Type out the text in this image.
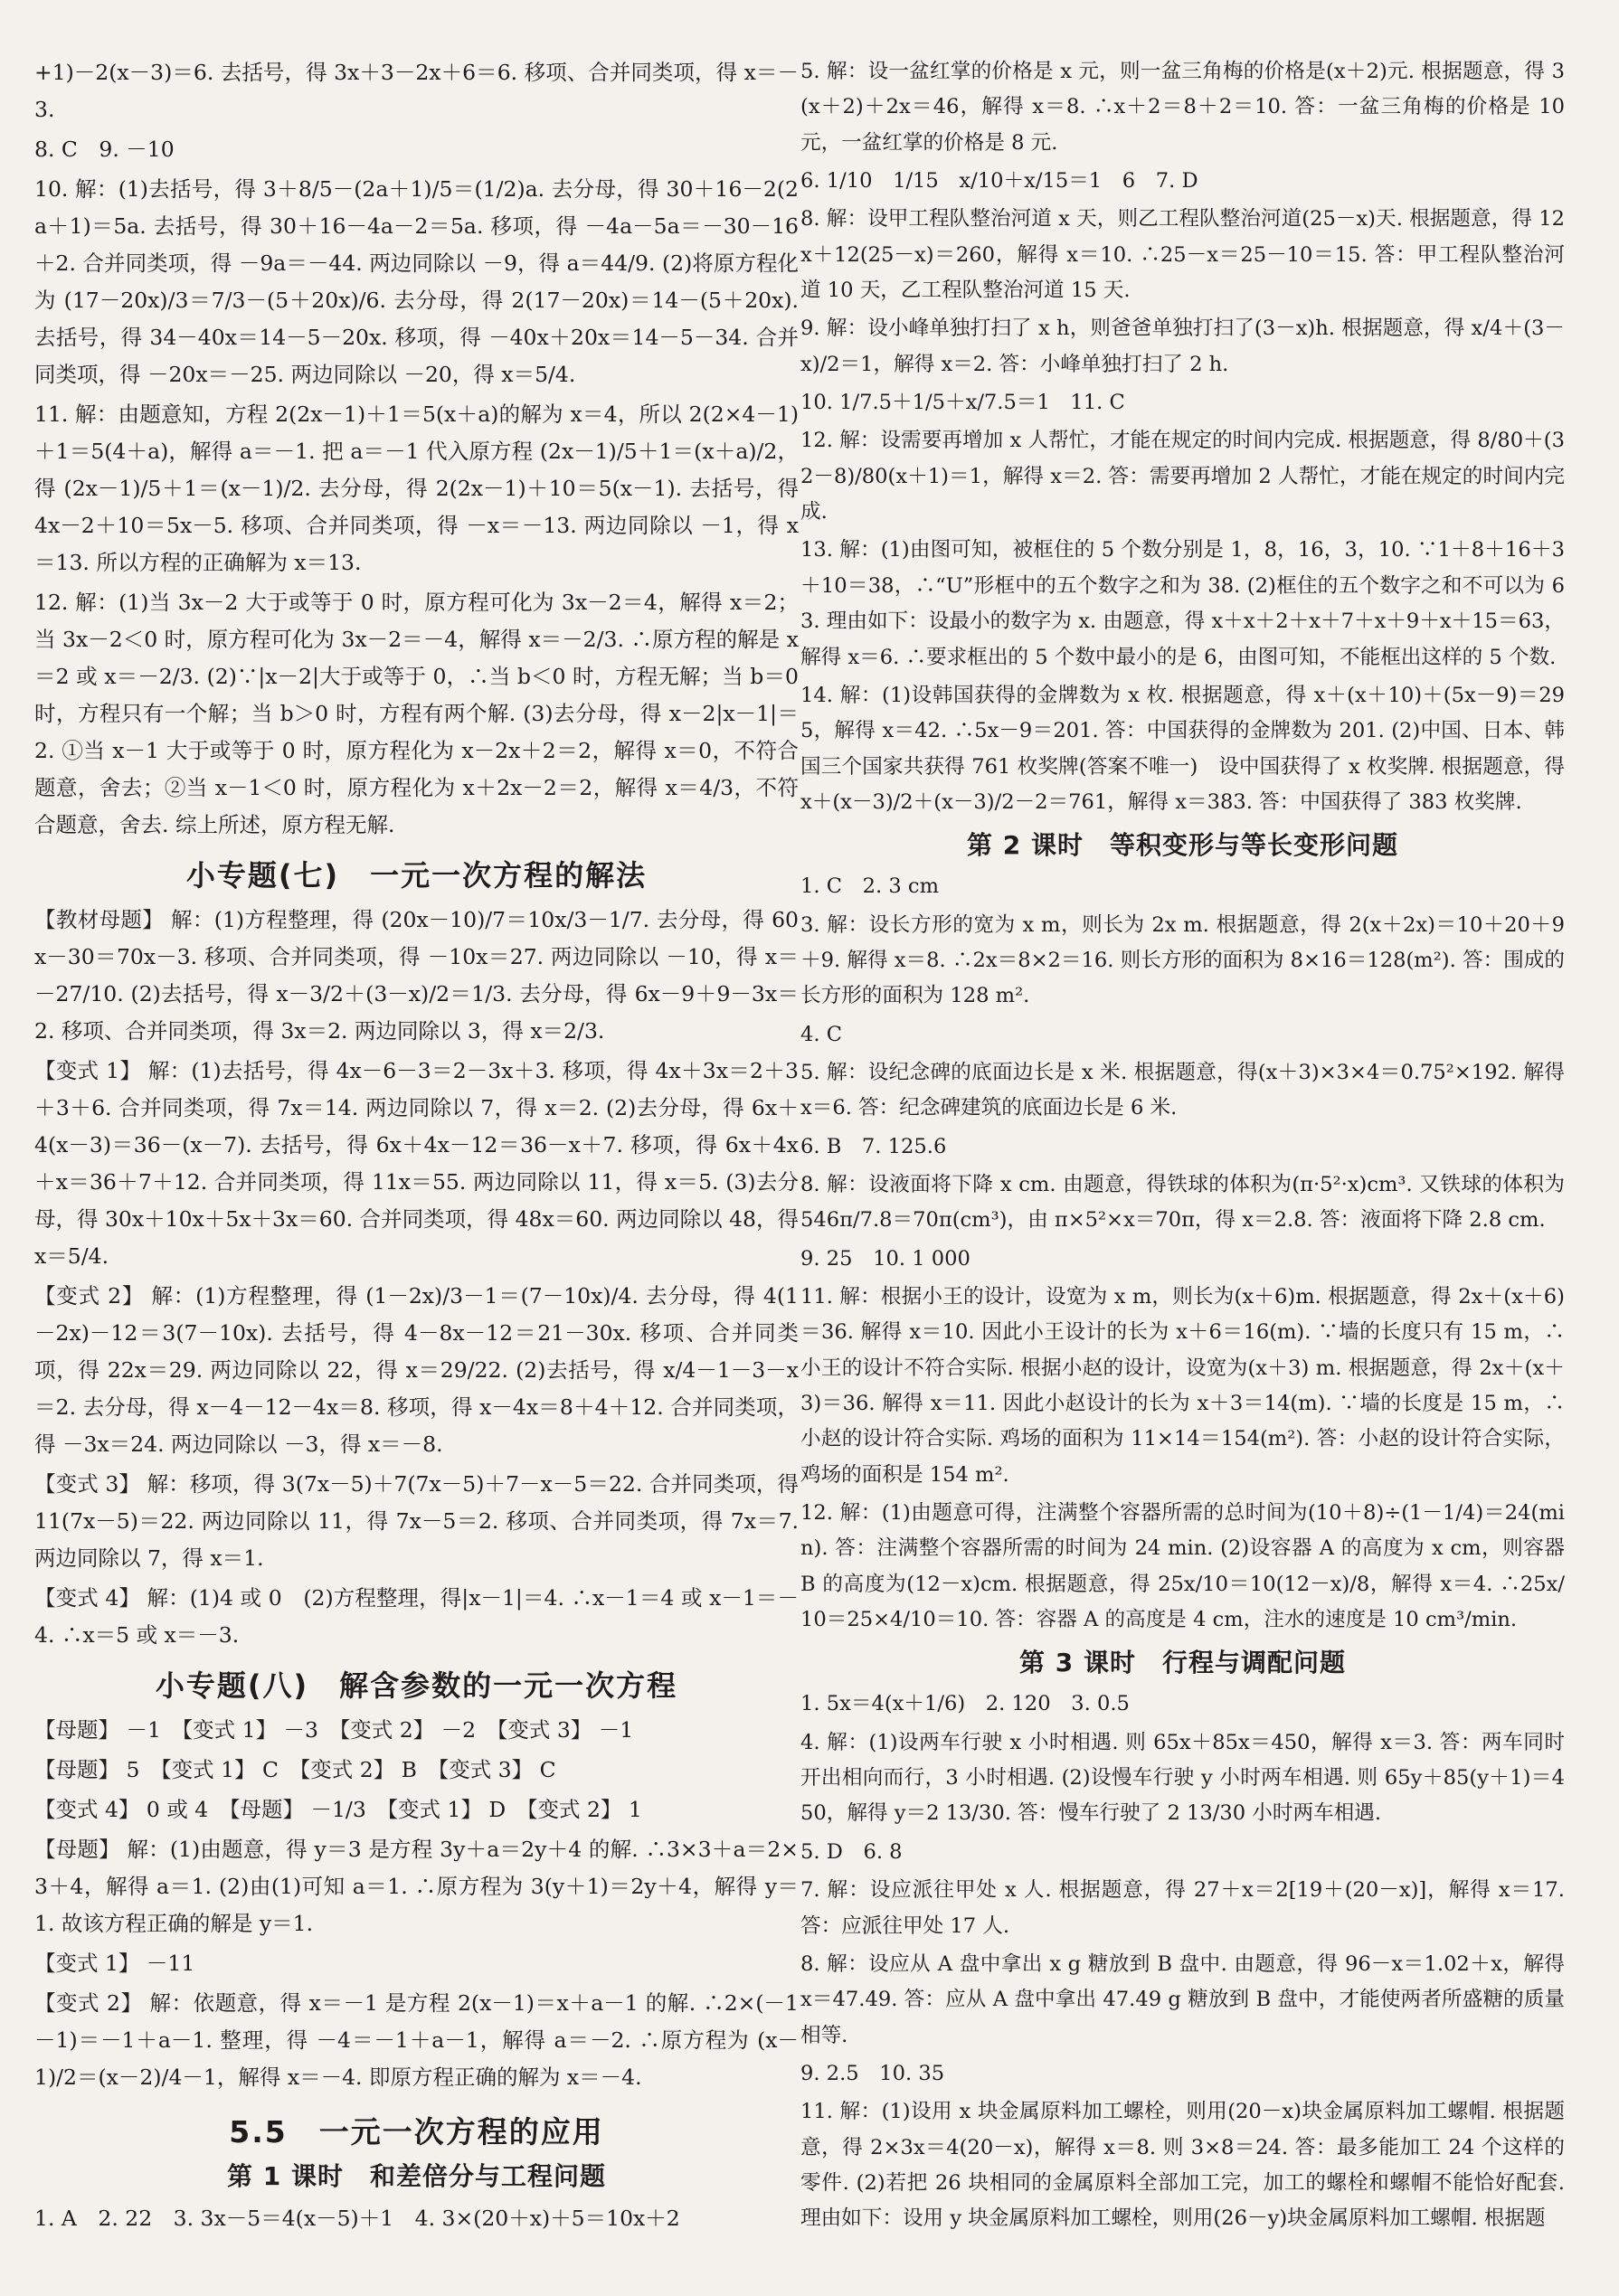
+1)－2(x－3)＝6. 去括号，得 3x＋3－2x＋6＝6. 移项、合并同类项，得 x＝－3.
8. C　9. －10
10. 解：(1)去括号，得 3＋8/5－(2a＋1)/5＝(1/2)a. 去分母，得 30＋16－2(2a＋1)＝5a. 去括号，得 30＋16－4a－2＝5a. 移项，得 －4a－5a＝－30－16＋2. 合并同类项，得 －9a＝－44. 两边同除以 －9，得 a＝44/9. (2)将原方程化为 (17－20x)/3＝7/3－(5＋20x)/6. 去分母，得 2(17－20x)＝14－(5＋20x). 去括号，得 34－40x＝14－5－20x. 移项，得 －40x＋20x＝14－5－34. 合并同类项，得 －20x＝－25. 两边同除以 －20，得 x＝5/4.
11. 解：由题意知，方程 2(2x－1)＋1＝5(x＋a)的解为 x＝4，所以 2(2×4－1)＋1＝5(4＋a)，解得 a＝－1. 把 a＝－1 代入原方程 (2x－1)/5＋1＝(x＋a)/2，得 (2x－1)/5＋1＝(x－1)/2. 去分母，得 2(2x－1)＋10＝5(x－1). 去括号，得 4x－2＋10＝5x－5. 移项、合并同类项，得 －x＝－13. 两边同除以 －1，得 x＝13. 所以方程的正确解为 x＝13.
12. 解：(1)当 3x－2 大于或等于 0 时，原方程可化为 3x－2＝4，解得 x＝2；当 3x－2＜0 时，原方程可化为 3x－2＝－4，解得 x＝－2/3. ∴原方程的解是 x＝2 或 x＝－2/3. (2)∵|x－2|大于或等于 0，∴当 b＜0 时，方程无解；当 b＝0 时，方程只有一个解；当 b＞0 时，方程有两个解. (3)去分母，得 x－2|x－1|＝2. ①当 x－1 大于或等于 0 时，原方程化为 x－2x＋2＝2，解得 x＝0，不符合题意，舍去；②当 x－1＜0 时，原方程化为 x＋2x－2＝2，解得 x＝4/3，不符合题意，舍去. 综上所述，原方程无解.
小专题(七)　一元一次方程的解法
【教材母题】 解：(1)方程整理，得 (20x－10)/7＝10x/3－1/7. 去分母，得 60x－30＝70x－3. 移项、合并同类项，得 －10x＝27. 两边同除以 －10，得 x＝－27/10. (2)去括号，得 x－3/2＋(3－x)/2＝1/3. 去分母，得 6x－9＋9－3x＝2. 移项、合并同类项，得 3x＝2. 两边同除以 3，得 x＝2/3.
【变式 1】 解：(1)去括号，得 4x－6－3＝2－3x＋3. 移项，得 4x＋3x＝2＋3＋3＋6. 合并同类项，得 7x＝14. 两边同除以 7，得 x＝2. (2)去分母，得 6x＋4(x－3)＝36－(x－7). 去括号，得 6x＋4x－12＝36－x＋7. 移项，得 6x＋4x＋x＝36＋7＋12. 合并同类项，得 11x＝55. 两边同除以 11，得 x＝5. (3)去分母，得 30x＋10x＋5x＋3x＝60. 合并同类项，得 48x＝60. 两边同除以 48，得 x＝5/4.
【变式 2】 解：(1)方程整理，得 (1－2x)/3－1＝(7－10x)/4. 去分母，得 4(1－2x)－12＝3(7－10x). 去括号，得 4－8x－12＝21－30x. 移项、合并同类项，得 22x＝29. 两边同除以 22，得 x＝29/22. (2)去括号，得 x/4－1－3－x＝2. 去分母，得 x－4－12－4x＝8. 移项，得 x－4x＝8＋4＋12. 合并同类项，得 －3x＝24. 两边同除以 －3，得 x＝－8.
【变式 3】 解：移项，得 3(7x－5)＋7(7x－5)＋7－x－5＝22. 合并同类项，得 11(7x－5)＝22. 两边同除以 11，得 7x－5＝2. 移项、合并同类项，得 7x＝7. 两边同除以 7，得 x＝1.
【变式 4】 解：(1)4 或 0　(2)方程整理，得|x－1|＝4. ∴x－1＝4 或 x－1＝－4. ∴x＝5 或 x＝－3.
小专题(八)　解含参数的一元一次方程
【母题】 －1　【变式 1】 －3　【变式 2】 －2　【变式 3】 －1
【母题】 5　【变式 1】 C　【变式 2】 B　【变式 3】 C
【变式 4】 0 或 4　【母题】 －1/3　【变式 1】 D　【变式 2】 1
【母题】 解：(1)由题意，得 y＝3 是方程 3y＋a＝2y＋4 的解. ∴3×3＋a＝2×3＋4，解得 a＝1. (2)由(1)可知 a＝1. ∴原方程为 3(y＋1)＝2y＋4，解得 y＝1. 故该方程正确的解是 y＝1.
【变式 1】 －11
【变式 2】 解：依题意，得 x＝－1 是方程 2(x－1)＝x＋a－1 的解. ∴2×(－1－1)＝－1＋a－1. 整理，得 －4＝－1＋a－1，解得 a＝－2. ∴原方程为 (x－1)/2＝(x－2)/4－1，解得 x＝－4. 即原方程正确的解为 x＝－4.
5.5　一元一次方程的应用
第 1 课时　和差倍分与工程问题
1. A　2. 22　3. 3x－5＝4(x－5)＋1　4. 3×(20＋x)＋5＝10x＋2
5. 解：设一盆红掌的价格是 x 元，则一盆三角梅的价格是(x＋2)元. 根据题意，得 3(x＋2)＋2x＝46，解得 x＝8. ∴x＋2＝8＋2＝10. 答：一盆三角梅的价格是 10 元，一盆红掌的价格是 8 元.
6. 1/10　1/15　x/10＋x/15＝1　6　7. D
8. 解：设甲工程队整治河道 x 天，则乙工程队整治河道(25－x)天. 根据题意，得 12x＋12(25－x)＝260，解得 x＝10. ∴25－x＝25－10＝15. 答：甲工程队整治河道 10 天，乙工程队整治河道 15 天.
9. 解：设小峰单独打扫了 x h，则爸爸单独打扫了(3－x)h. 根据题意，得 x/4＋(3－x)/2＝1，解得 x＝2. 答：小峰单独打扫了 2 h.
10. 1/7.5＋1/5＋x/7.5＝1　11. C
12. 解：设需要再增加 x 人帮忙，才能在规定的时间内完成. 根据题意，得 8/80＋(32－8)/80(x＋1)＝1，解得 x＝2. 答：需要再增加 2 人帮忙，才能在规定的时间内完成.
13. 解：(1)由图可知，被框住的 5 个数分别是 1，8，16，3，10. ∵1＋8＋16＋3＋10＝38，∴“U”形框中的五个数字之和为 38. (2)框住的五个数字之和不可以为 63. 理由如下：设最小的数字为 x. 由题意，得 x＋x＋2＋x＋7＋x＋9＋x＋15＝63，解得 x＝6. ∴要求框出的 5 个数中最小的是 6，由图可知，不能框出这样的 5 个数.
14. 解：(1)设韩国获得的金牌数为 x 枚. 根据题意，得 x＋(x＋10)＋(5x－9)＝295，解得 x＝42. ∴5x－9＝201. 答：中国获得的金牌数为 201. (2)中国、日本、韩国三个国家共获得 761 枚奖牌(答案不唯一)　设中国获得了 x 枚奖牌. 根据题意，得 x＋(x－3)/2＋(x－3)/2－2＝761，解得 x＝383. 答：中国获得了 383 枚奖牌.
第 2 课时　等积变形与等长变形问题
1. C　2. 3 cm
3. 解：设长方形的宽为 x m，则长为 2x m. 根据题意，得 2(x＋2x)＝10＋20＋9＋9. 解得 x＝8. ∴2x＝8×2＝16. 则长方形的面积为 8×16＝128(m²). 答：围成的长方形的面积为 128 m².
4. C
5. 解：设纪念碑的底面边长是 x 米. 根据题意，得(x＋3)×3×4＝0.75²×192. 解得 x＝6. 答：纪念碑建筑的底面边长是 6 米.
6. B　7. 125.6
8. 解：设液面将下降 x cm. 由题意，得铁球的体积为(π·5²·x)cm³. 又铁球的体积为 546π/7.8＝70π(cm³)，由 π×5²×x＝70π，得 x＝2.8. 答：液面将下降 2.8 cm.
9. 25　10. 1 000
11. 解：根据小王的设计，设宽为 x m，则长为(x＋6)m. 根据题意，得 2x＋(x＋6)＝36. 解得 x＝10. 因此小王设计的长为 x＋6＝16(m). ∵墙的长度只有 15 m，∴小王的设计不符合实际. 根据小赵的设计，设宽为(x＋3) m. 根据题意，得 2x＋(x＋3)＝36. 解得 x＝11. 因此小赵设计的长为 x＋3＝14(m). ∵墙的长度是 15 m，∴小赵的设计符合实际. 鸡场的面积为 11×14＝154(m²). 答：小赵的设计符合实际，鸡场的面积是 154 m².
12. 解：(1)由题意可得，注满整个容器所需的总时间为(10＋8)÷(1－1/4)＝24(min). 答：注满整个容器所需的时间为 24 min. (2)设容器 A 的高度为 x cm，则容器 B 的高度为(12－x)cm. 根据题意，得 25x/10＝10(12－x)/8，解得 x＝4. ∴25x/10＝25×4/10＝10. 答：容器 A 的高度是 4 cm，注水的速度是 10 cm³/min.
第 3 课时　行程与调配问题
1. 5x＝4(x＋1/6)　2. 120　3. 0.5
4. 解：(1)设两车行驶 x 小时相遇. 则 65x＋85x＝450，解得 x＝3. 答：两车同时开出相向而行，3 小时相遇. (2)设慢车行驶 y 小时两车相遇. 则 65y＋85(y＋1)＝450，解得 y＝2 13/30. 答：慢车行驶了 2 13/30 小时两车相遇.
5. D　6. 8
7. 解：设应派往甲处 x 人. 根据题意，得 27＋x＝2[19＋(20－x)]，解得 x＝17. 答：应派往甲处 17 人.
8. 解：设应从 A 盘中拿出 x g 糖放到 B 盘中. 由题意，得 96－x＝1.02＋x，解得 x＝47.49. 答：应从 A 盘中拿出 47.49 g 糖放到 B 盘中，才能使两者所盛糖的质量相等.
9. 2.5　10. 35
11. 解：(1)设用 x 块金属原料加工螺栓，则用(20－x)块金属原料加工螺帽. 根据题意，得 2×3x＝4(20－x)，解得 x＝8. 则 3×8＝24. 答：最多能加工 24 个这样的零件. (2)若把 26 块相同的金属原料全部加工完，加工的螺栓和螺帽不能恰好配套. 理由如下：设用 y 块金属原料加工螺栓，则用(26－y)块金属原料加工螺帽. 根据题
